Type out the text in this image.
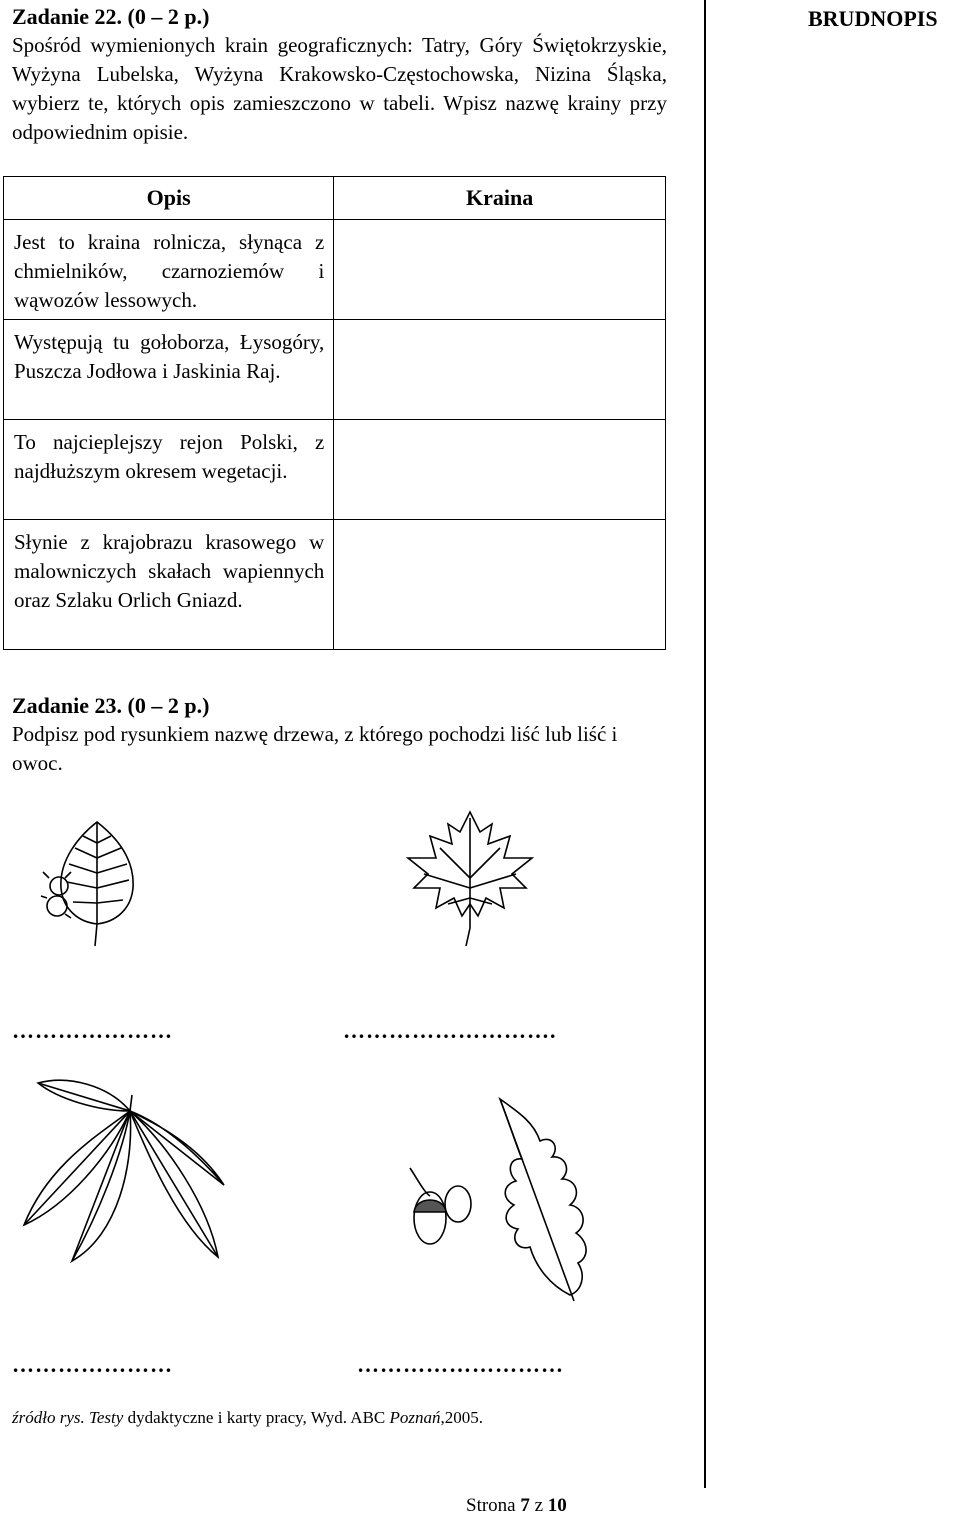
BRUDNOPIS
Zadanie 22. (0 – 2 p.)
Spośród wymienionych krain geograficznych: Tatry, Góry Świętokrzyskie, Wyżyna Lubelska, Wyżyna Krakowsko-Częstochowska, Nizina Śląska, wybierz te, których opis zamieszczono w tabeli. Wpisz nazwę krainy przy odpowiednim opisie.
Opis	Kraina
Jest to kraina rolnicza, słynąca z chmielników, czarnoziemów i wąwozów lessowych.	
Występują tu gołoborza, Łysogóry, Puszcza Jodłowa i Jaskinia Raj.	
To najcieplejszy rejon Polski, z najdłuższym okresem wegetacji.	
Słynie z krajobrazu krasowego w malowniczych skałach wapiennych oraz Szlaku Orlich Gniazd.	
Zadanie 23. (0 – 2 p.)
Podpisz pod rysunkiem nazwę drzewa, z którego pochodzi liść lub liść i owoc.
…………………	……………………….
…………………	………………………
źródło rys. Testy dydaktyczne i karty pracy, Wyd. ABC Poznań,2005.
Strona 7 z 10
